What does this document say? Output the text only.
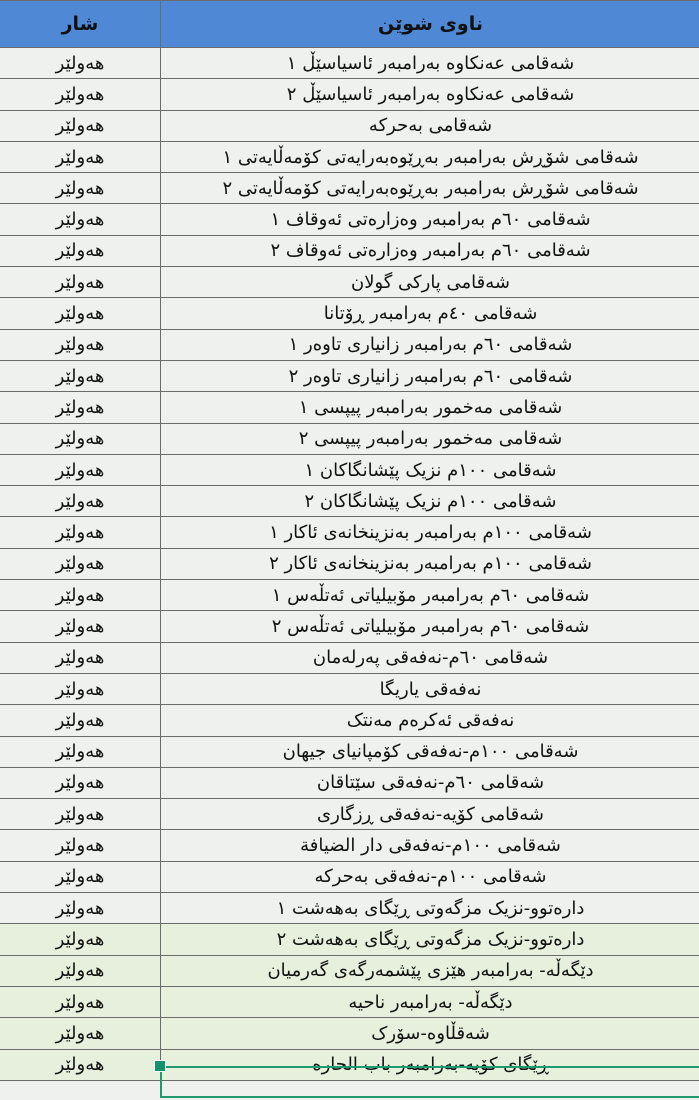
شار	ناوی شوێن
هەولێر	شەقامی عەنکاوە بەرامبەر ئاسیاسێڵ ١
هەولێر	شەقامی عەنکاوە بەرامبەر ئاسیاسێڵ ٢
هەولێر	شەقامی بەحرکە
هەولێر	شەقامی شۆڕش بەرامبەر بەڕێوەبەرایەتی کۆمەڵایەتی ١
هەولێر	شەقامی شۆڕش بەرامبەر بەڕێوەبەرایەتی کۆمەڵایەتی ٢
هەولێر	شەقامی ٦٠م بەرامبەر وەزارەتی ئەوقاف ١
هەولێر	شەقامی ٦٠م بەرامبەر وەزارەتی ئەوقاف ٢
هەولێر	شەقامی پارکی گولان
هەولێر	شەقامی ٤٠م بەرامبەر ڕۆتانا
هەولێر	شەقامی ٦٠م بەرامبەر زانیاری تاوەر ١
هەولێر	شەقامی ٦٠م بەرامبەر زانیاری تاوەر ٢
هەولێر	شەقامی مەخمور بەرامبەر پیپسی ١
هەولێر	شەقامی مەخمور بەرامبەر پیپسی ٢
هەولێر	شەقامی ١٠٠م نزیک پێشانگاکان ١
هەولێر	شەقامی ١٠٠م نزیک پێشانگاکان ٢
هەولێر	شەقامی ١٠٠م بەرامبەر بەنزینخانەی ئاکار ١
هەولێر	شەقامی ١٠٠م بەرامبەر بەنزینخانەی ئاکار ٢
هەولێر	شەقامی ٦٠م بەرامبەر مۆبیلیاتی ئەتڵەس ١
هەولێر	شەقامی ٦٠م بەرامبەر مۆبیلیاتی ئەتڵەس ٢
هەولێر	شەقامی ٦٠م-نەفەقی پەرلەمان
هەولێر	نەفەقی یاریگا
هەولێر	نەفەقی ئەکرەم مەنتک
هەولێر	شەقامی ١٠٠م-نەفەقی کۆمپانیای جیهان
هەولێر	شەقامی ٦٠م-نەفەقی سێتاقان
هەولێر	شەقامی کۆیە-نەفەقی ڕزگاری
هەولێر	شەقامی ١٠٠م-نەفەقی دار الضیافة
هەولێر	شەقامی ١٠٠م-نەفەقی بەحرکە
هەولێر	دارەتوو-نزیک مزگەوتی ڕێگای بەهەشت ١
هەولێر	دارەتوو-نزیک مزگەوتی ڕێگای بەهەشت ٢
هەولێر	دێگەڵە- بەرامبەر هێزی پێشمەرگەی گەرمیان
هەولێر	دێگەڵە- بەرامبەر ناحیە
هەولێر	شەقڵاوە-سۆرک
هەولێر	ڕێگای کۆیە-بەرامبەر باب الحارە
